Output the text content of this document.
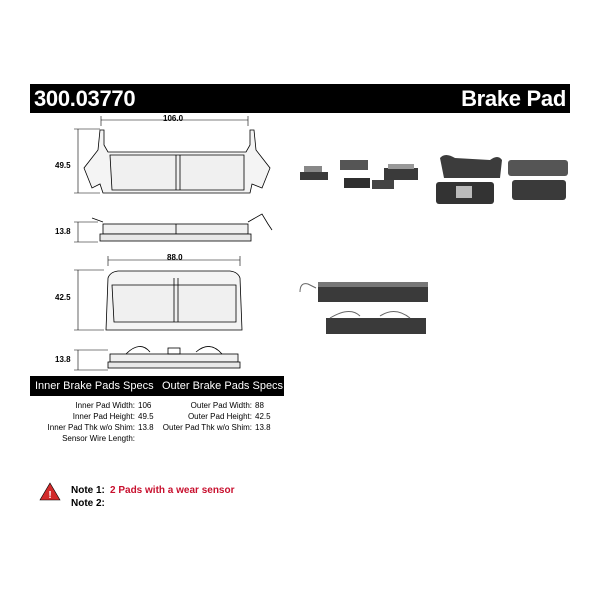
300.03770	Brake Pad
!
106.0
49.5
13.8
88.0
42.5
13.8
Inner Brake Pads Specs Outer Brake Pads Specs
Inner Pad Width: 106
Inner Pad Height: 49.5
Inner Pad Thk w/o Shim: 13.8
Sensor Wire Length:
Outer Pad Width: 88
Outer Pad Height: 42.5
Outer Pad Thk w/o Shim: 13.8
Note 1: 2 Pads with a wear sensor
Note 2:
